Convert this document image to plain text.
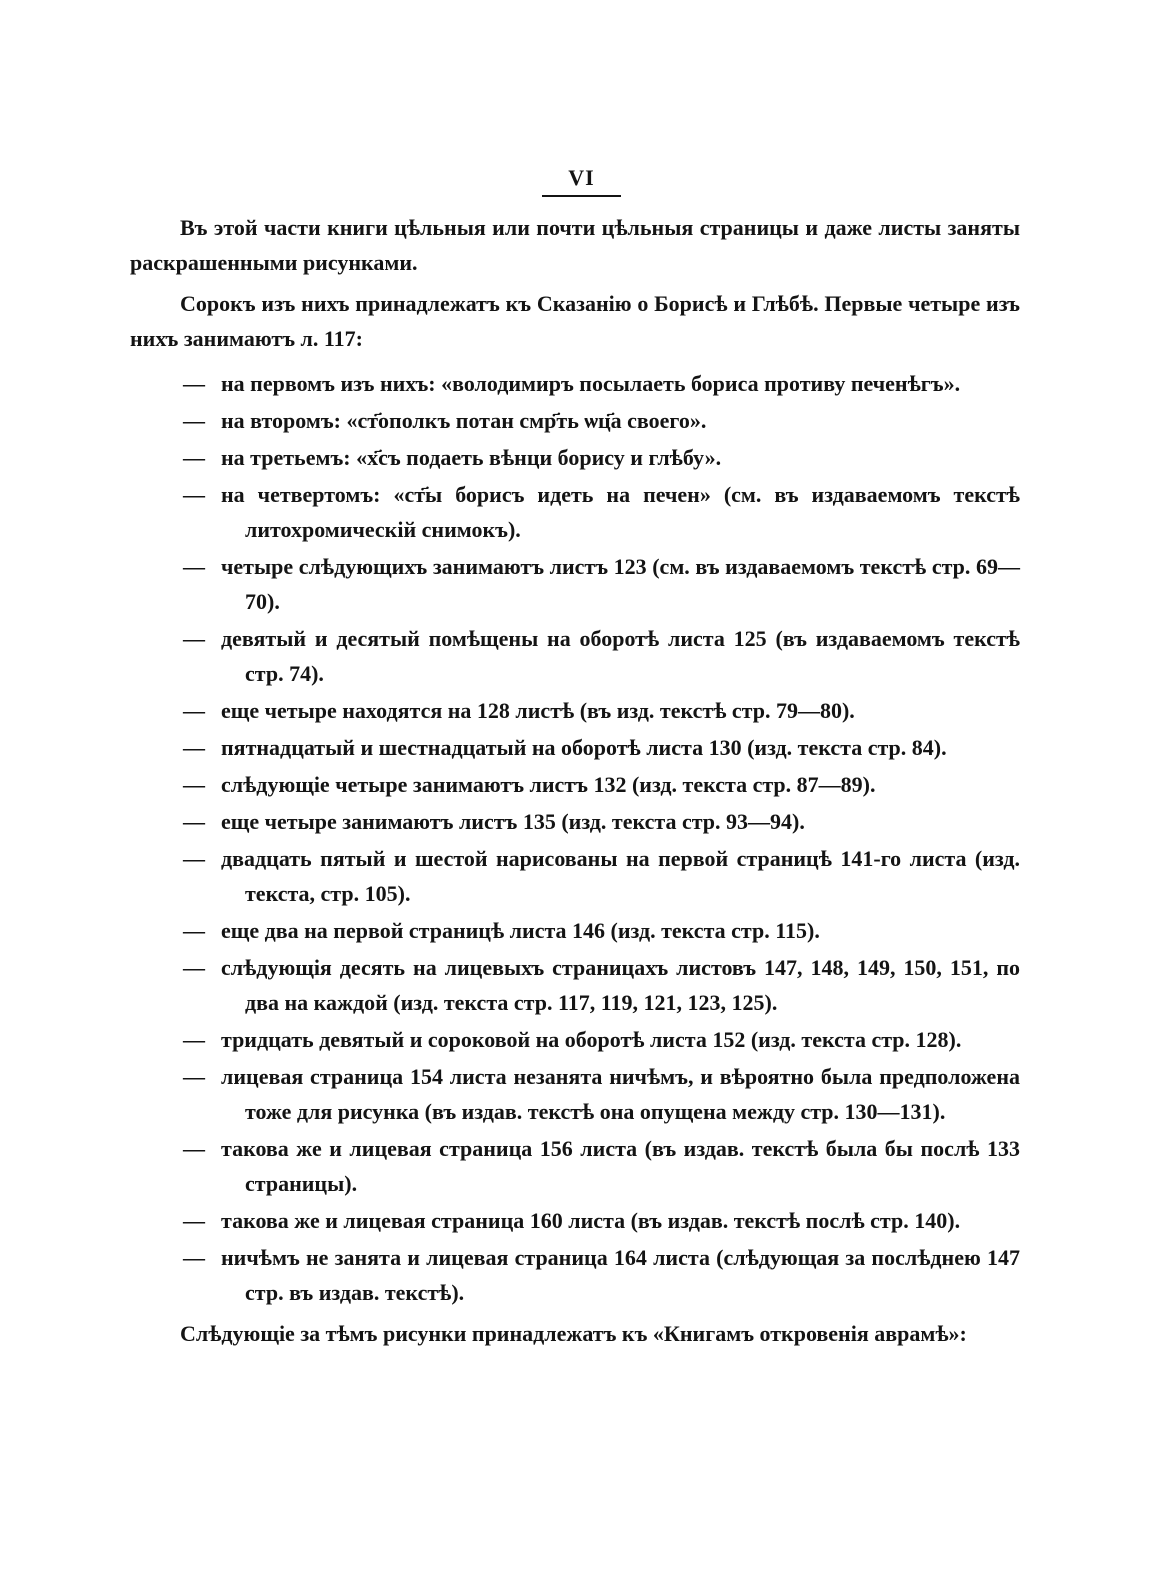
VI

Въ этой части книги цѣльныя или почти цѣльныя страницы и даже листы заняты раскрашенными рисунками.

Сорокъ изъ нихъ принадлежатъ къ Сказанію о Борисѣ и Глѣбѣ. Первые четыре изъ нихъ занимаютъ л. 117:

— на первомъ изъ нихъ: «володимиръ посылаеть бориса противу печенѣгъ».
— на второмъ: «ст҃ополкъ потан смр҃ть ѡц҃а своего».
— на третьемъ: «х҃съ подаеть вѣнци борису и глѣбу».
— на четвертомъ: «ст҃ы борисъ идеть на печен» (см. въ издаваемомъ текстѣ литохромическій снимокъ).
— четыре слѣдующихъ занимаютъ листъ 123 (см. въ издаваемомъ текстѣ стр. 69—70).
— девятый и десятый помѣщены на оборотѣ листа 125 (въ издаваемомъ текстѣ стр. 74).
— еще четыре находятся на 128 листѣ (въ изд. текстѣ стр. 79—80).
— пятнадцатый и шестнадцатый на оборотѣ листа 130 (изд. текста стр. 84).
— слѣдующіе четыре занимаютъ листъ 132 (изд. текста стр. 87—89).
— еще четыре занимаютъ листъ 135 (изд. текста стр. 93—94).
— двадцать пятый и шестой нарисованы на первой страницѣ 141-го листа (изд. текста, стр. 105).
— еще два на первой страницѣ листа 146 (изд. текста стр. 115).
— слѣдующія десять на лицевыхъ страницахъ листовъ 147, 148, 149, 150, 151, по два на каждой (изд. текста стр. 117, 119, 121, 123, 125).
— тридцать девятый и сороковой на оборотѣ листа 152 (изд. текста стр. 128).
— лицевая страница 154 листа незанята ничѣмъ, и вѣроятно была предположена тоже для рисунка (въ издав. текстѣ она опущена между стр. 130—131).
— такова же и лицевая страница 156 листа (въ издав. текстѣ была бы послѣ 133 страницы).
— такова же и лицевая страница 160 листа (въ издав. текстѣ послѣ стр. 140).
— ничѣмъ не занята и лицевая страница 164 листа (слѣдующая за послѣднею 147 стр. въ издав. текстѣ).

Слѣдующіе за тѣмъ рисунки принадлежатъ къ «Книгамъ откровенія аврамѣ»:
